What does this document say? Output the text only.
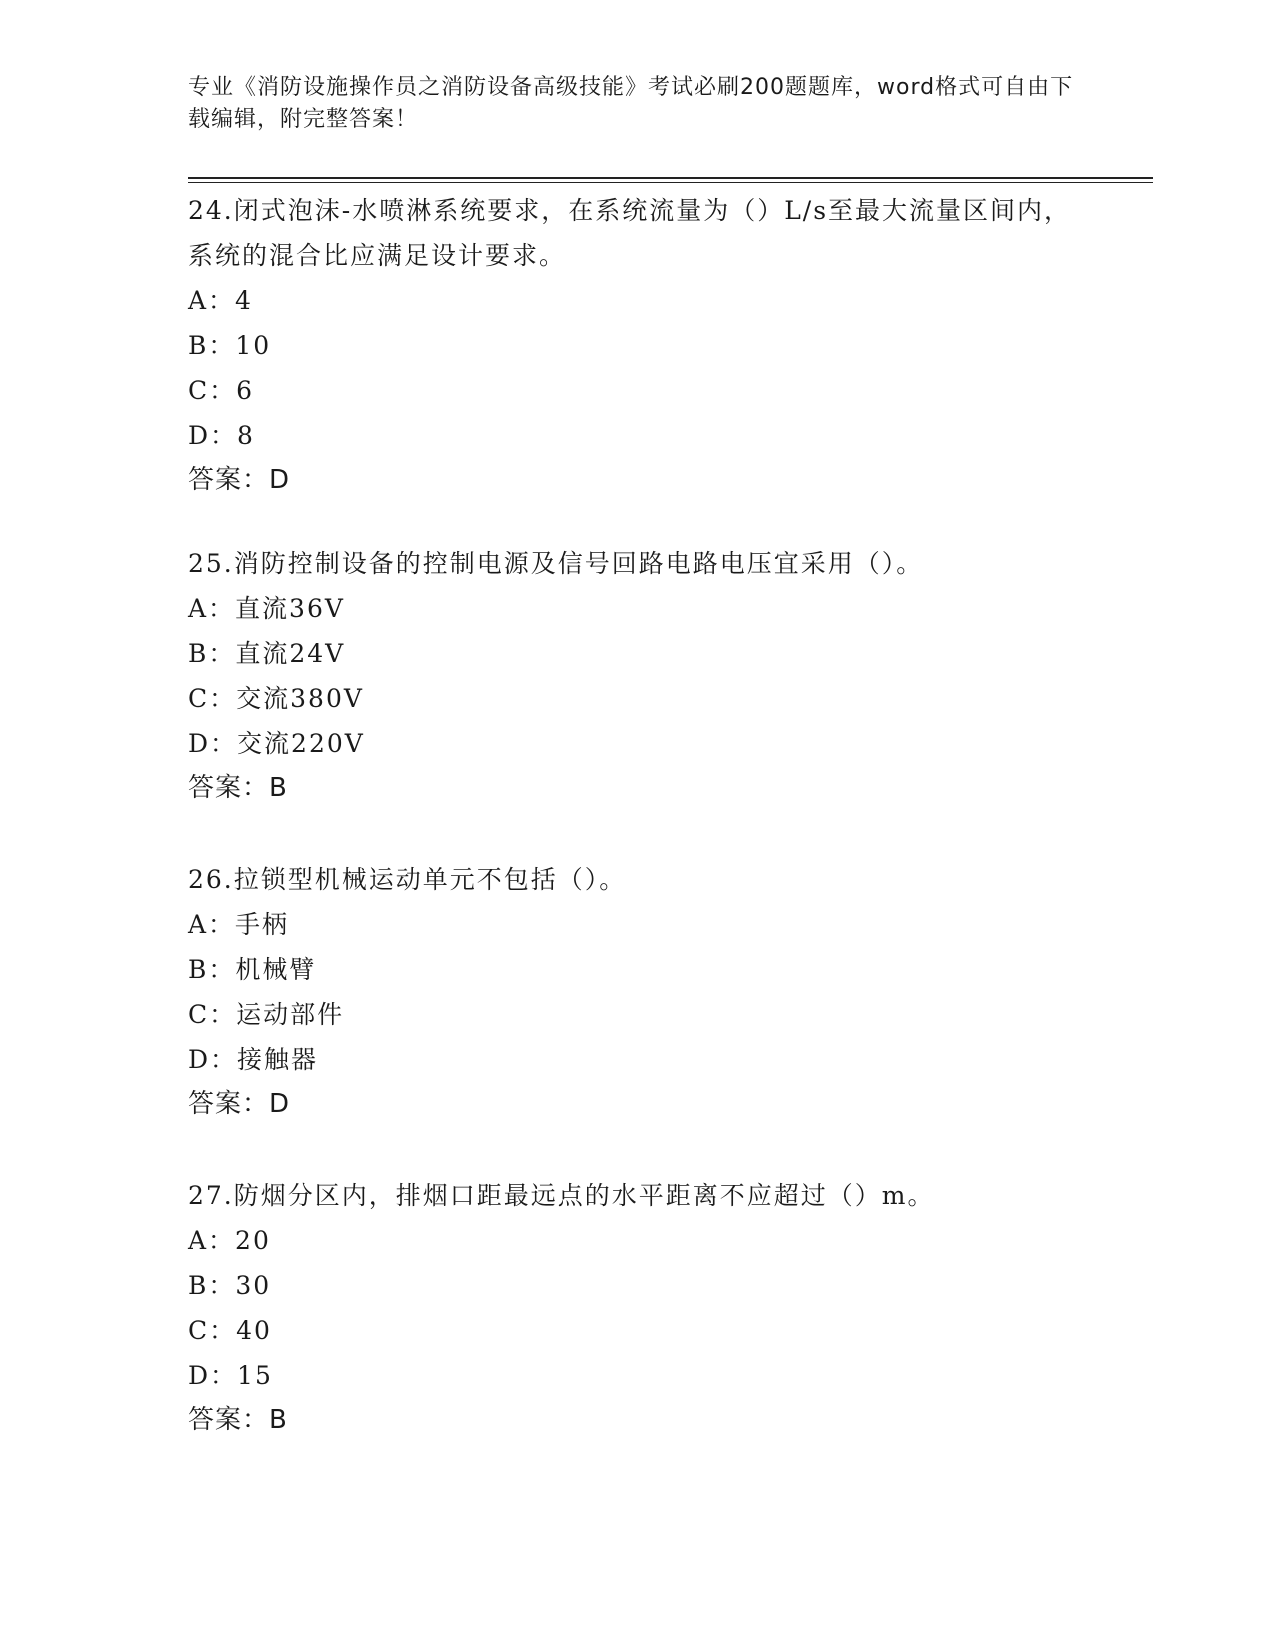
专业《消防设施操作员之消防设备高级技能》考试必刷200题题库，word格式可自由下载编辑，附完整答案！

24.闭式泡沫-水喷淋系统要求，在系统流量为（）L/s至最大流量区间内，系统的混合比应满足设计要求。

A：4

B：10

C：6

D：8

答案：D

25.消防控制设备的控制电源及信号回路电路电压宜采用（）。

A：直流36V

B：直流24V

C：交流380V

D：交流220V

答案：B

26.拉锁型机械运动单元不包括（）。

A：手柄

B：机械臂

C：运动部件

D：接触器

答案：D

27.防烟分区内，排烟口距最远点的水平距离不应超过（）m。

A：20

B：30

C：40

D：15

答案：B
